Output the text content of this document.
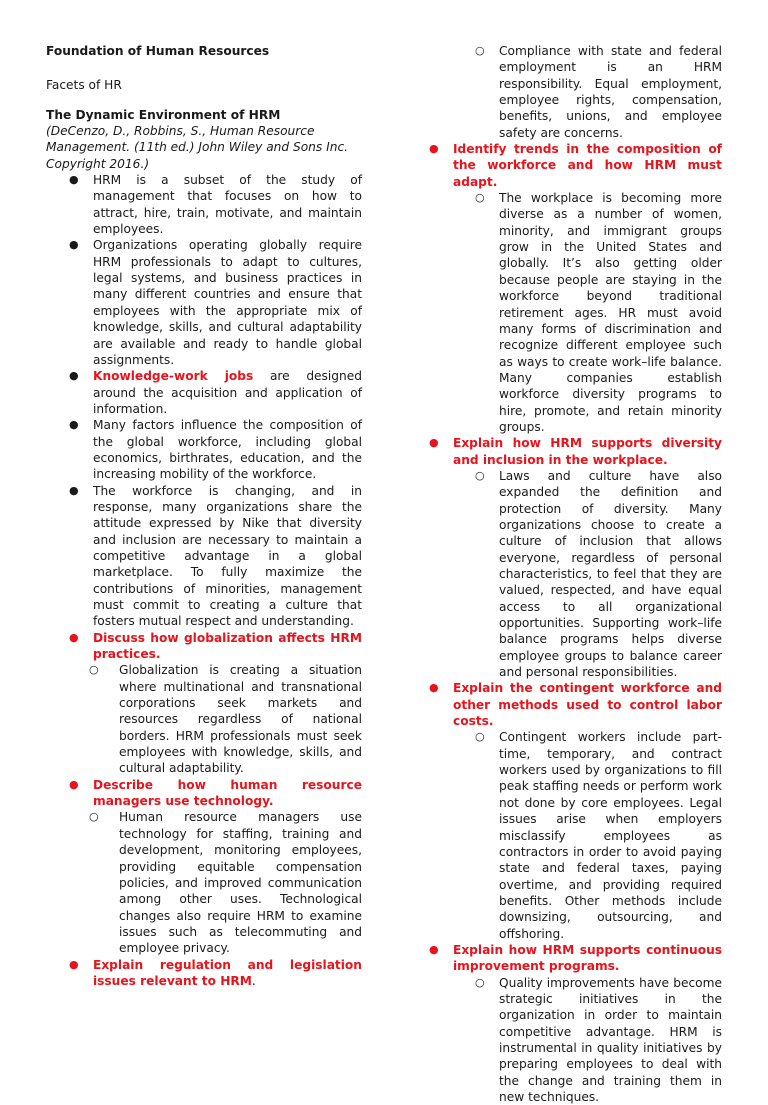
Foundation of Human Resources
Facets of HR
The Dynamic Environment of HRM
(DeCenzo, D., Robbins, S., Human Resource Management. (11th ed.) John Wiley and Sons Inc. Copyright 2016.)
● HRM is a subset of the study of management that focuses on how to attract, hire, train, motivate, and maintain employees.
● Organizations operating globally require HRM professionals to adapt to cultures, legal systems, and business practices in many different countries and ensure that employees with the appropriate mix of knowledge, skills, and cultural adaptability are available and ready to handle global assignments.
● Knowledge-work jobs are designed around the acquisition and application of information.
● Many factors influence the composition of the global workforce, including global economics, birthrates, education, and the increasing mobility of the workforce.
● The workforce is changing, and in response, many organizations share the attitude expressed by Nike that diversity and inclusion are necessary to maintain a competitive advantage in a global marketplace. To fully maximize the contributions of minorities, management must commit to creating a culture that fosters mutual respect and understanding.
● Discuss how globalization affects HRM practices.
○ Globalization is creating a situation where multinational and transnational corporations seek markets and resources regardless of national borders. HRM professionals must seek employees with knowledge, skills, and cultural adaptability.
● Describe how human resource managers use technology.
○ Human resource managers use technology for staffing, training and development, monitoring employees, providing equitable compensation policies, and improved communication among other uses. Technological changes also require HRM to examine issues such as telecommuting and employee privacy.
● Explain regulation and legislation issues relevant to HRM.
○ Compliance with state and federal employment is an HRM responsibility. Equal employment, employee rights, compensation, benefits, unions, and employee safety are concerns.
● Identify trends in the composition of the workforce and how HRM must adapt.
○ The workplace is becoming more diverse as a number of women, minority, and immigrant groups grow in the United States and globally. It’s also getting older because people are staying in the workforce beyond traditional retirement ages. HR must avoid many forms of discrimination and recognize different employee such as ways to create work–life balance. Many companies establish workforce diversity programs to hire, promote, and retain minority groups.
● Explain how HRM supports diversity and inclusion in the workplace.
○ Laws and culture have also expanded the definition and protection of diversity. Many organizations choose to create a culture of inclusion that allows everyone, regardless of personal characteristics, to feel that they are valued, respected, and have equal access to all organizational opportunities. Supporting work–life balance programs helps diverse employee groups to balance career and personal responsibilities.
● Explain the contingent workforce and other methods used to control labor costs.
○ Contingent workers include part-time, temporary, and contract workers used by organizations to fill peak staffing needs or perform work not done by core employees. Legal issues arise when employers misclassify employees as contractors in order to avoid paying state and federal taxes, paying overtime, and providing required benefits. Other methods include downsizing, outsourcing, and offshoring.
● Explain how HRM supports continuous improvement programs.
○ Quality improvements have become strategic initiatives in the organization in order to maintain competitive advantage. HRM is instrumental in quality initiatives by preparing employees to deal with the change and training them in new techniques.
